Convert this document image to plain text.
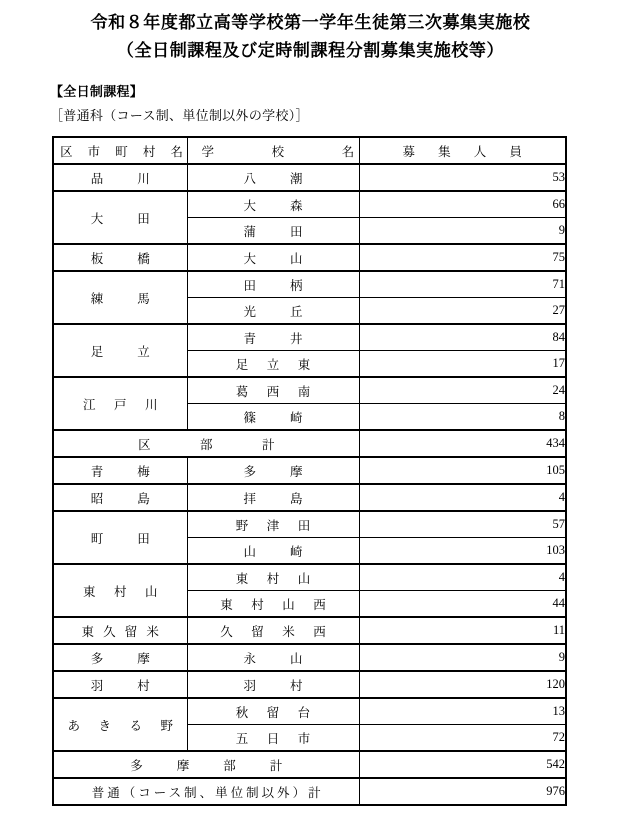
令和８年度都立高等学校第一学年生徒第三次募集実施校
（全日制課程及び定時制課程分割募集実施校等）
【全日制課程】
［普通科（コース制、単位制以外の学校）］
区 市 町 村 名	学　 校　 名	募 集 人 員

品　　川	八　　潮	53

大　　田	大　　森	66

	蒲　　田	9

板　　橋	大　　山	75

練　　馬	田　　柄	71

	光　　丘	27

足　　立	青　　井	84

	足　立　東	17

江　戸　川	葛　西　南	24

	篠　　崎	8

区　　　部　　　計		434

青　　梅	多　　摩	105

昭　　島	拝　　島	4

町　　田	野　津　田	57

	山　　崎	103

東　村　山	東　村　山	4

	東　村　山　西	44

東 久 留 米	久　留　米　西	11

多　　摩	永　　山	9

羽　　村	羽　　村	120

あ　き　る　野	秋　留　台	13

	五　日　市	72

多　　摩　　部　　計		542

普通（コース制、単位制以外）計		976
